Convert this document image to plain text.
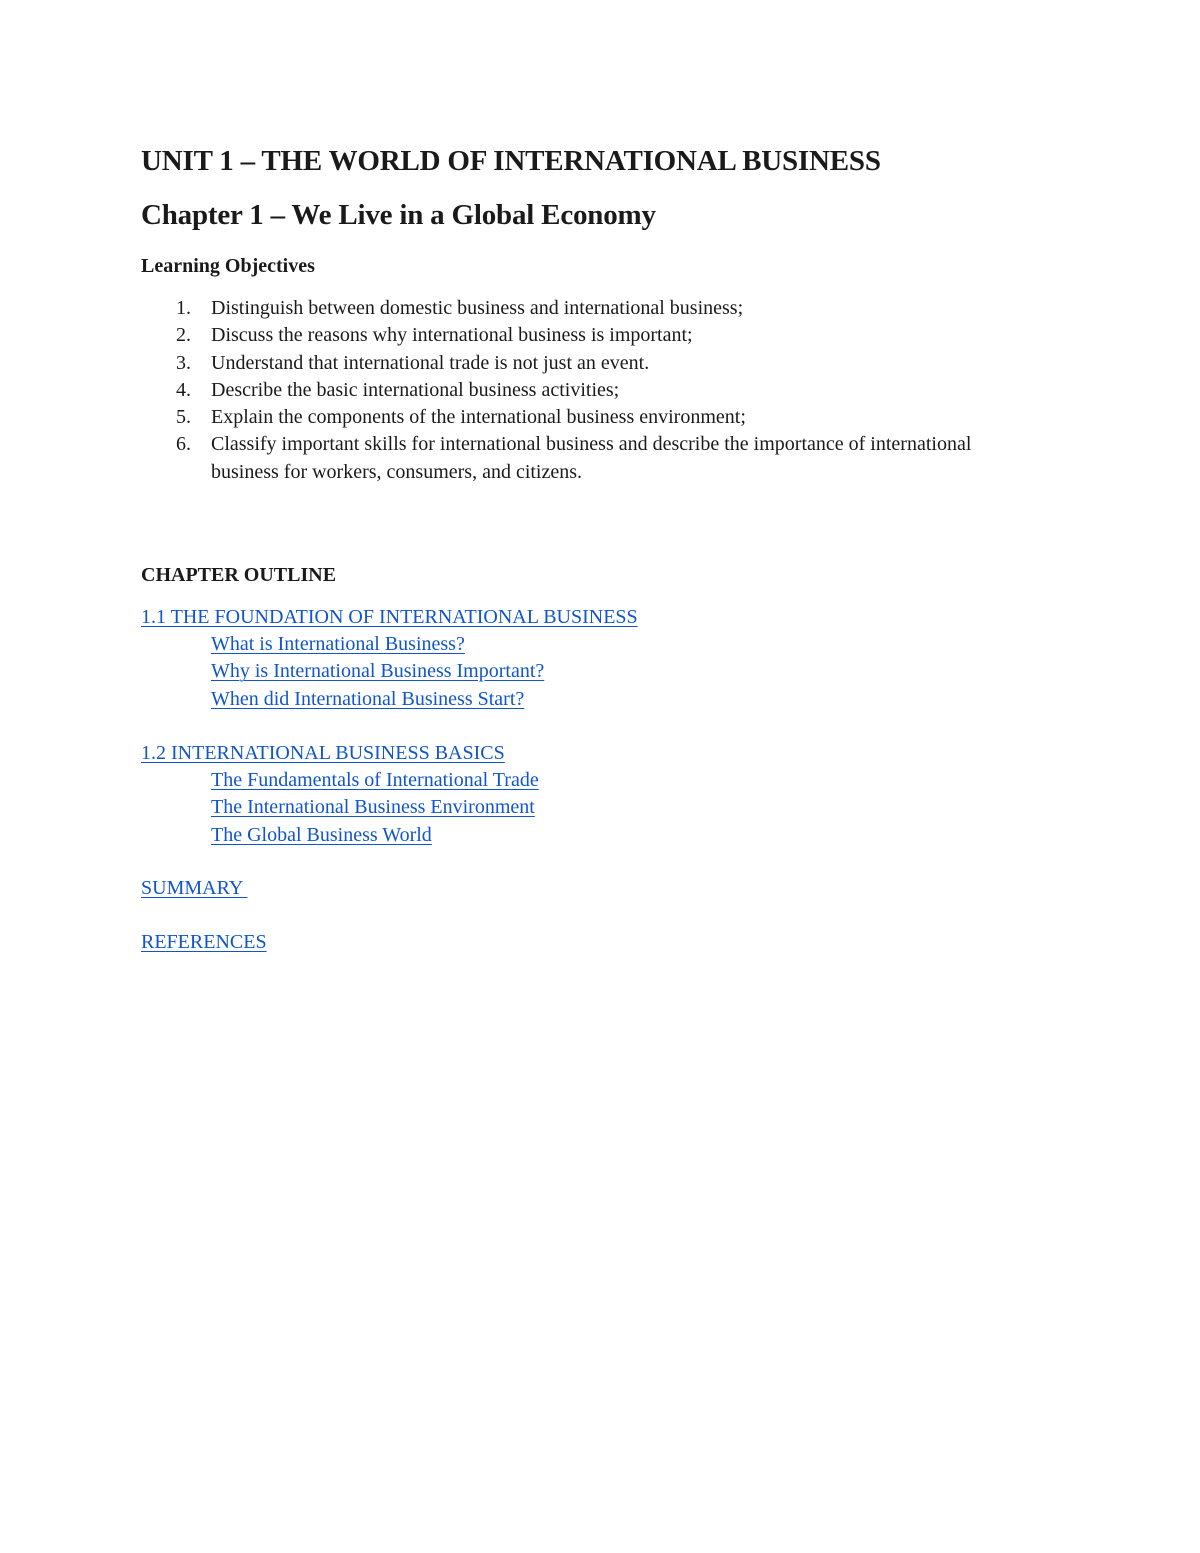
UNIT 1 – THE WORLD OF INTERNATIONAL BUSINESS
Chapter 1 – We Live in a Global Economy
Learning Objectives
1.	Distinguish between domestic business and international business;
2.	Discuss the reasons why international business is important;
3.	Understand that international trade is not just an event.
4.	Describe the basic international business activities;
5.	Explain the components of the international business environment;
6.	Classify important skills for international business and describe the importance of international business for workers, consumers, and citizens.
CHAPTER OUTLINE
1.1 THE FOUNDATION OF INTERNATIONAL BUSINESS
What is International Business?
Why is International Business Important?
When did International Business Start?
1.2 INTERNATIONAL BUSINESS BASICS
The Fundamentals of International Trade
The International Business Environment
The Global Business World
SUMMARY
REFERENCES
